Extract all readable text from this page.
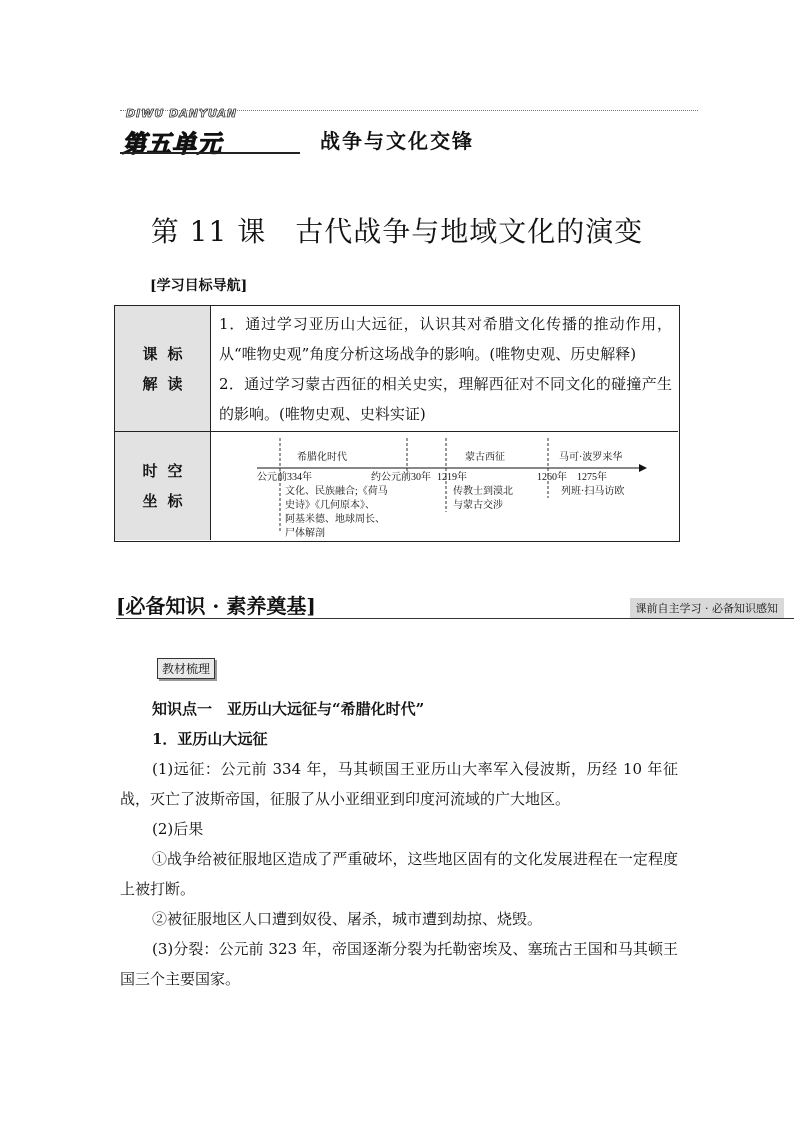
DIWU DANYUAN
第五单元	战争与文化交锋
第 11 课　古代战争与地域文化的演变
[学习目标导航]
课标解读
1．通过学习亚历山大远征，认识其对希腊文化传播的推动作用，从“唯物史观”角度分析这场战争的影响。(唯物史观、历史解释)
2．通过学习蒙古西征的相关史实，理解西征对不同文化的碰撞产生的影响。(唯物史观、史料实证)
时空坐标
希腊化时代	蒙古西征	马可·波罗来华
公元前334年	约公元前30年 1219年	1260年 1275年
文化、民族融合;《荷马
史诗》《几何原本》、
阿基米德、地球周长、
尸体解剖
传教士到漠北
与蒙古交涉
列班·扫马访欧
[必备知识 · 素养奠基]	课前自主学习 · 必备知识感知
教材梳理

知识点一　亚历山大远征与“希腊化时代”

1．亚历山大远征

(1)远征：公元前 334 年，马其顿国王亚历山大率军入侵波斯，历经 10 年征战，灭亡了波斯帝国，征服了从小亚细亚到印度河流域的广大地区。

(2)后果

①战争给被征服地区造成了严重破坏，这些地区固有的文化发展进程在一定程度上被打断。

②被征服地区人口遭到奴役、屠杀，城市遭到劫掠、烧毁。

(3)分裂：公元前 323 年，帝国逐渐分裂为托勒密埃及、塞琉古王国和马其顿王国三个主要国家。
